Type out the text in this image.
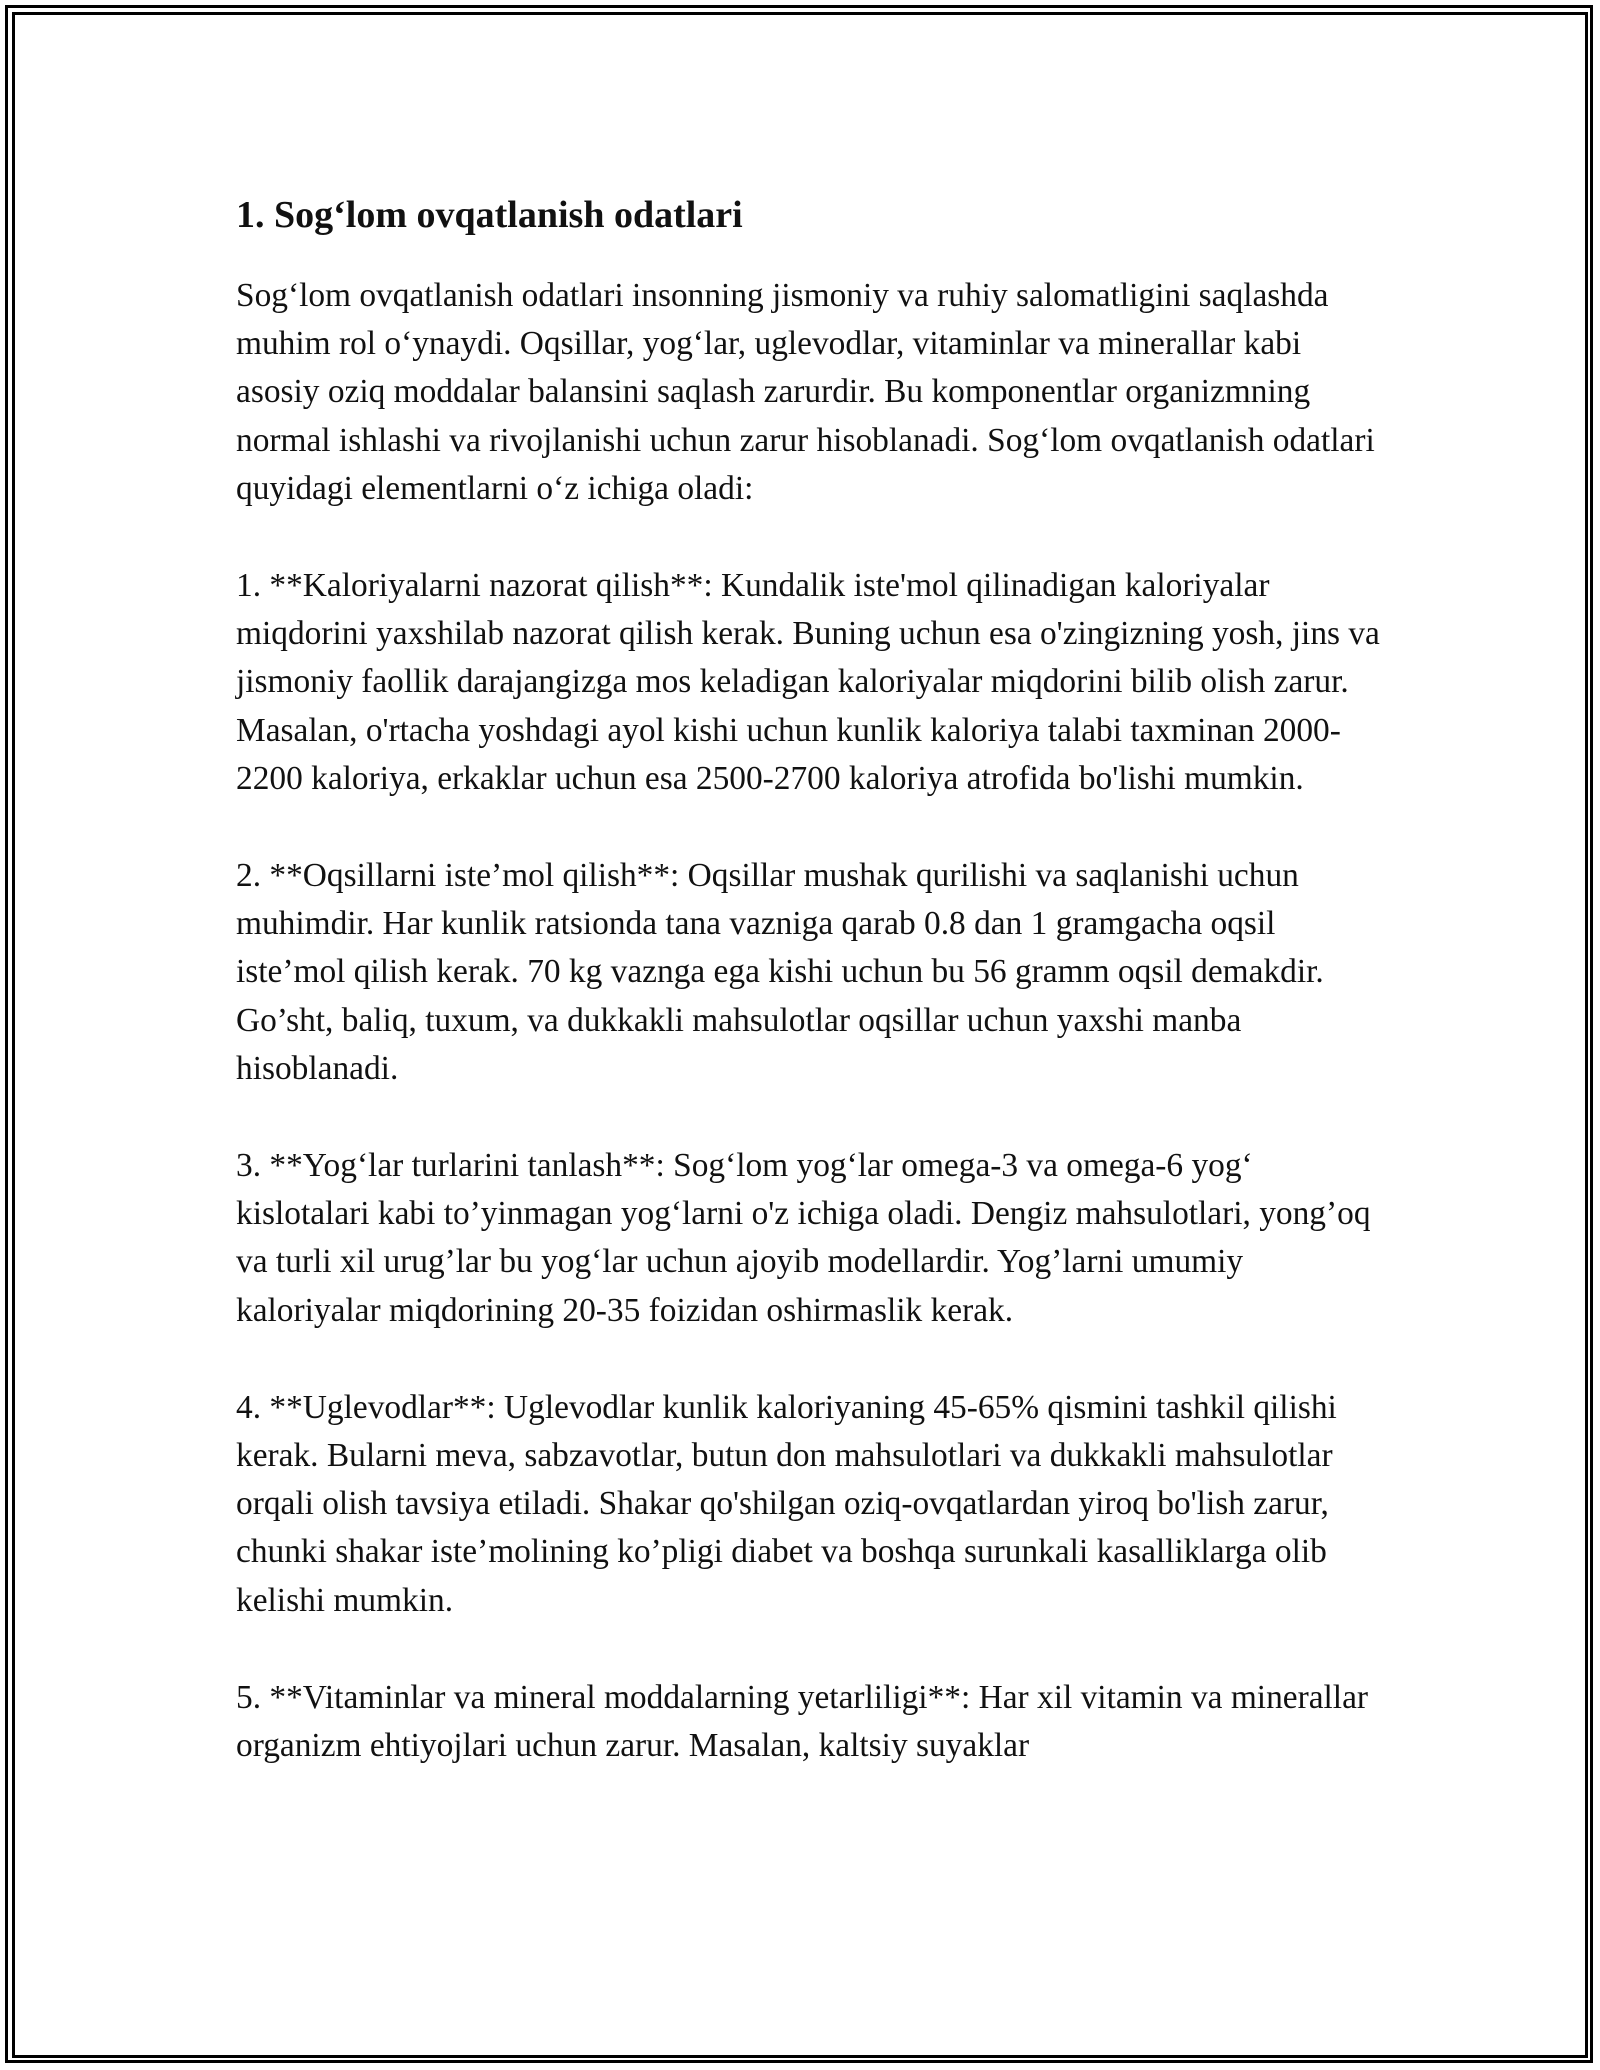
1. Sog‘lom ovqatlanish odatlari

Sog‘lom ovqatlanish odatlari insonning jismoniy va ruhiy salomatligini saqlashda muhim rol o‘ynaydi. Oqsillar, yog‘lar, uglevodlar, vitaminlar va minerallar kabi asosiy oziq moddalar balansini saqlash zarurdir. Bu komponentlar organizmning normal ishlashi va rivojlanishi uchun zarur hisoblanadi. Sog‘lom ovqatlanish odatlari quyidagi elementlarni o‘z ichiga oladi:

1. **Kaloriyalarni nazorat qilish**: Kundalik iste'mol qilinadigan kaloriyalar miqdorini yaxshilab nazorat qilish kerak. Buning uchun esa o'zingizning yosh, jins va jismoniy faollik darajangizga mos keladigan kaloriyalar miqdorini bilib olish zarur. Masalan, o'rtacha yoshdagi ayol kishi uchun kunlik kaloriya talabi taxminan 2000-2200 kaloriya, erkaklar uchun esa 2500-2700 kaloriya atrofida bo'lishi mumkin.

2. **Oqsillarni iste’mol qilish**: Oqsillar mushak qurilishi va saqlanishi uchun muhimdir. Har kunlik ratsionda tana vazniga qarab 0.8 dan 1 gramgacha oqsil iste’mol qilish kerak. 70 kg vaznga ega kishi uchun bu 56 gramm oqsil demakdir. Go’sht, baliq, tuxum, va dukkakli mahsulotlar oqsillar uchun yaxshi manba hisoblanadi.

3. **Yog‘lar turlarini tanlash**: Sog‘lom yog‘lar omega-3 va omega-6 yog‘ kislotalari kabi to’yinmagan yog‘larni o'z ichiga oladi. Dengiz mahsulotlari, yong’oq va turli xil urug’lar bu yog‘lar uchun ajoyib modellardir. Yog’larni umumiy kaloriyalar miqdorining 20-35 foizidan oshirmaslik kerak.

4. **Uglevodlar**: Uglevodlar kunlik kaloriyaning 45-65% qismini tashkil qilishi kerak. Bularni meva, sabzavotlar, butun don mahsulotlari va dukkakli mahsulotlar orqali olish tavsiya etiladi. Shakar qo'shilgan oziq-ovqatlardan yiroq bo'lish zarur, chunki shakar iste’molining ko’pligi diabet va boshqa surunkali kasalliklarga olib kelishi mumkin.

5. **Vitaminlar va mineral moddalarning yetarliligi**: Har xil vitamin va minerallar organizm ehtiyojlari uchun zarur. Masalan, kaltsiy suyaklar
